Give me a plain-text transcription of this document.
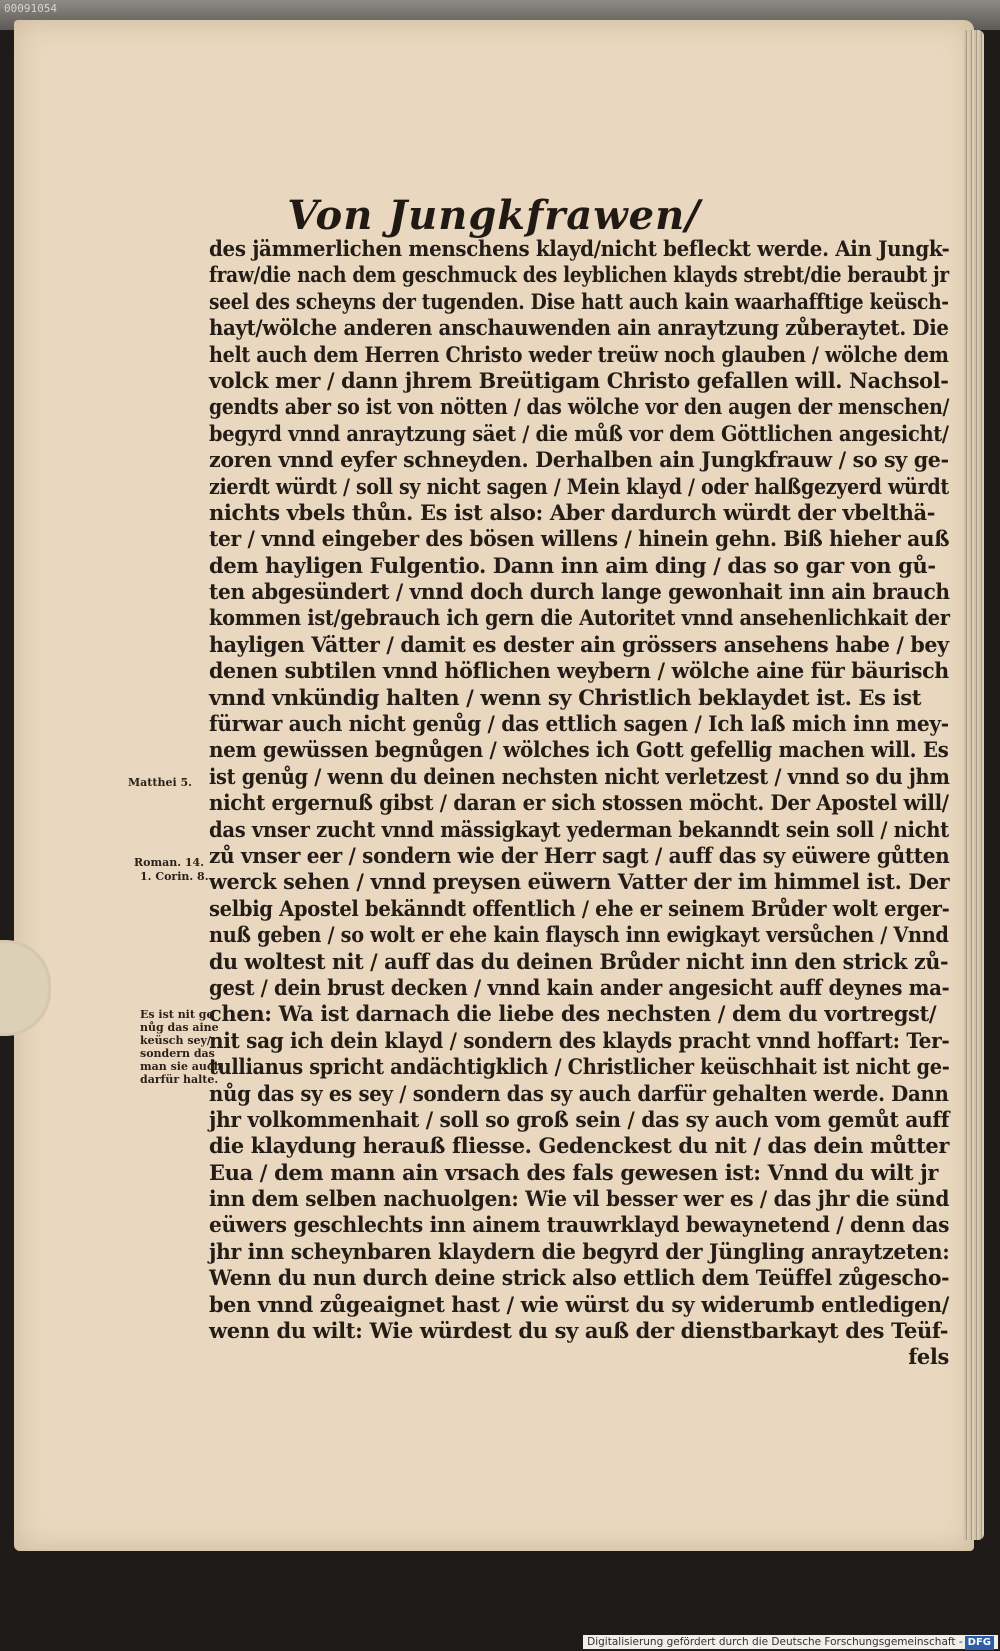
00091054
Von Jungkfrawen/
des jämmerlichen menschens klayd/nicht befleckt werde. Ain Jungk-
fraw/die nach dem geschmuck des leyblichen klayds strebt/die beraubt jr
seel des scheyns der tugenden. Dise hatt auch kain waarhafftige keüsch-
hayt/wölche anderen anschauwenden ain anraytzung zůberaytet. Die
helt auch dem Herren Christo weder treüw noch glauben / wölche dem
volck mer / dann jhrem Breütigam Christo gefallen will. Nachsol-
gendts aber so ist von nötten / das wölche vor den augen der menschen/
begyrd vnnd anraytzung säet / die můß vor dem Göttlichen angesicht/
zoren vnnd eyfer schneyden. Derhalben ain Jungkfrauw / so sy ge-
zierdt würdt / soll sy nicht sagen / Mein klayd / oder halßgezyerd würdt
nichts vbels thůn. Es ist also: Aber dardurch würdt der vbelthä-
ter / vnnd eingeber des bösen willens / hinein gehn. Biß hieher auß
dem hayligen Fulgentio. Dann inn aim ding / das so gar von gů-
ten abgesündert / vnnd doch durch lange gewonhait inn ain brauch
kommen ist/gebrauch ich gern die Autoritet vnnd ansehenlichkait der
hayligen Vätter / damit es dester ain grössers ansehens habe / bey
denen subtilen vnnd höflichen weybern / wölche aine für bäurisch
vnnd vnkündig halten / wenn sy Christlich beklaydet ist. Es ist
fürwar auch nicht genůg / das ettlich sagen / Ich laß mich inn mey-
nem gewüssen begnůgen / wölches ich Gott gefellig machen will. Es
ist genůg / wenn du deinen nechsten nicht verletzest / vnnd so du jhm
nicht ergernuß gibst / daran er sich stossen möcht. Der Apostel will/
das vnser zucht vnnd mässigkayt yederman bekanndt sein soll / nicht
zů vnser eer / sondern wie der Herr sagt / auff das sy eüwere gůtten
werck sehen / vnnd preysen eüwern Vatter der im himmel ist. Der
selbig Apostel bekänndt offentlich / ehe er seinem Brůder wolt erger-
nuß geben / so wolt er ehe kain flaysch inn ewigkayt versůchen / Vnnd
du woltest nit / auff das du deinen Brůder nicht inn den strick zů-
gest / dein brust decken / vnnd kain ander angesicht auff deynes ma-
chen: Wa ist darnach die liebe des nechsten / dem du vortregst/
nit sag ich dein klayd / sondern des klayds pracht vnnd hoffart: Ter-
tullianus spricht andächtigklich / Christlicher keüschhait ist nicht ge-
nůg das sy es sey / sondern das sy auch darfür gehalten werde. Dann
jhr volkommenhait / soll so groß sein / das sy auch vom gemůt auff
die klaydung herauß fliesse. Gedenckest du nit / das dein můtter
Eua / dem mann ain vrsach des fals gewesen ist: Vnnd du wilt jr
inn dem selben nachuolgen: Wie vil besser wer es / das jhr die sünd
eüwers geschlechts inn ainem trauwrklayd bewaynetend / denn das
jhr inn scheynbaren klaydern die begyrd der Jüngling anraytzeten:
Wenn du nun durch deine strick also ettlich dem Teüffel zůgescho-
ben vnnd zůgeaignet hast / wie würst du sy widerumb entledigen/
wenn du wilt: Wie würdest du sy auß der dienstbarkayt des Teüf-
fels
Matthei 5.
Roman. 14.
1. Corin. 8.
Es ist nit ge
nůg das aine
keüsch sey/
sondern das
man sie auch
darfür halte.
Digitalisierung gefördert durch die Deutsche Forschungsgemeinschaft - DFG
